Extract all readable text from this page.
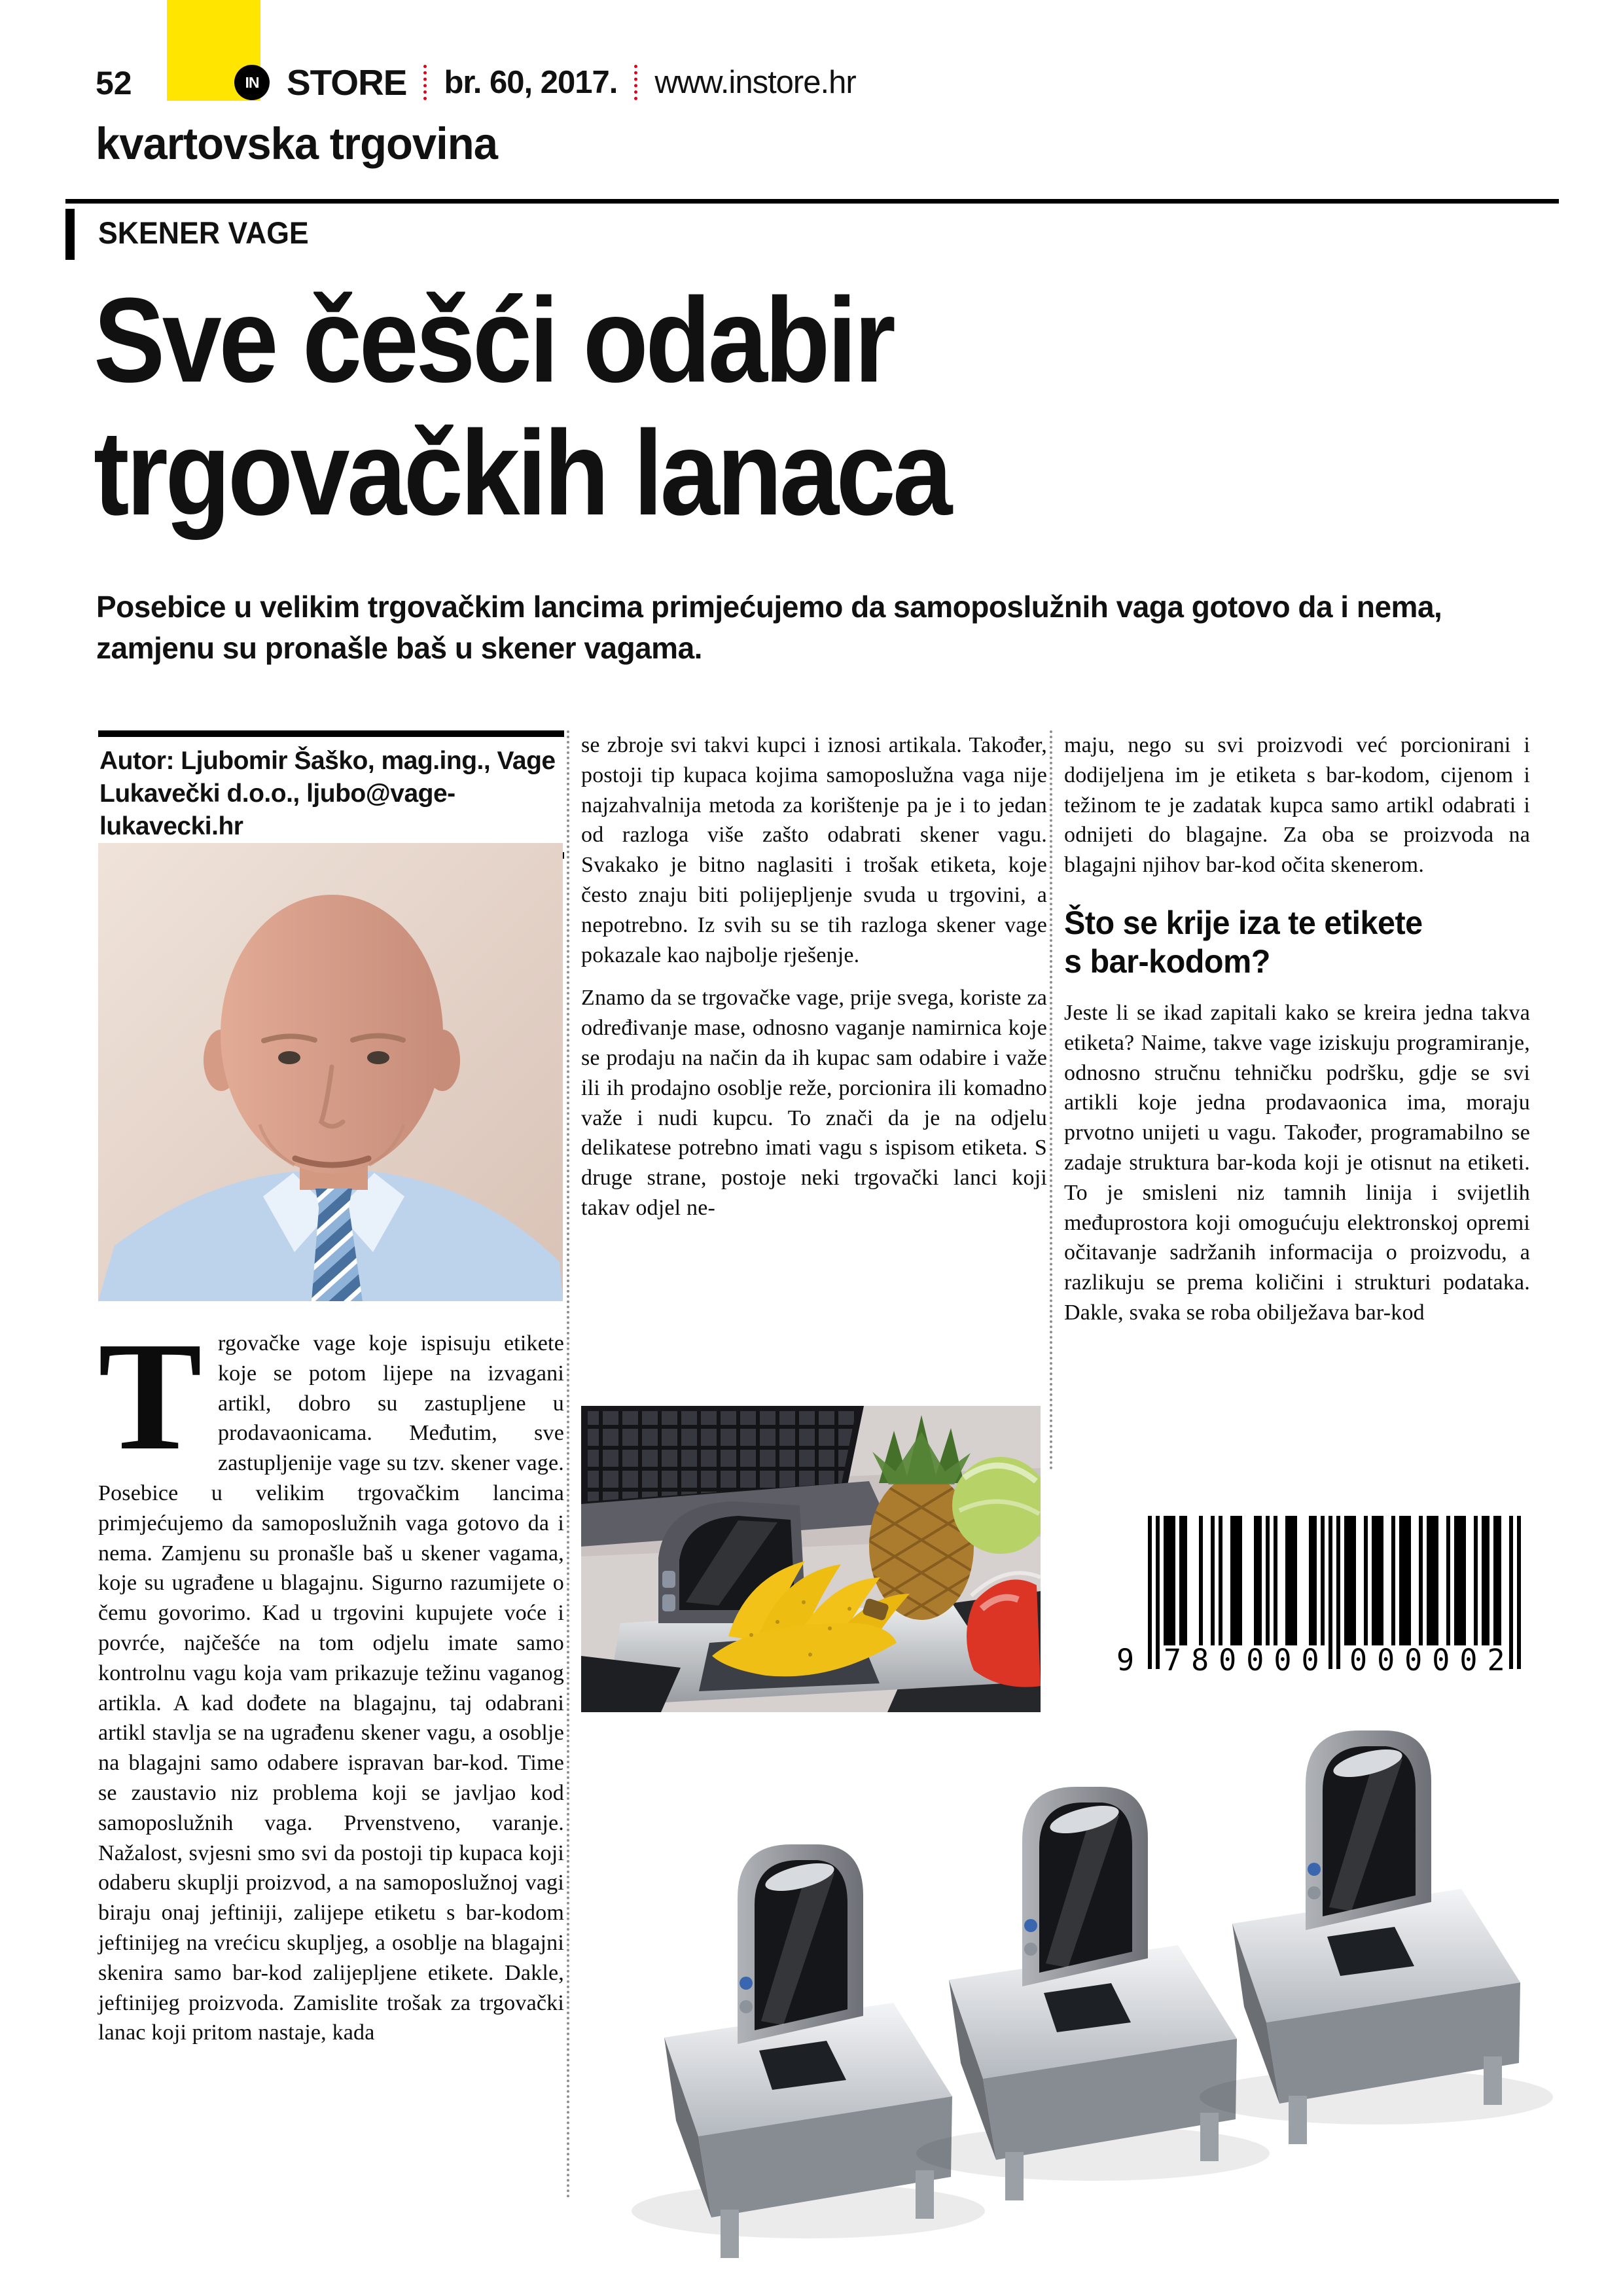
52	IN STORE br. 60, 2017. www.instore.hr
kvartovska trgovina
SKENER VAGE
Sve češći odabir
trgovačkih lanaca
Posebice u velikim trgovačkim lancima primjećujemo da samoposlužnih vaga gotovo da i nema, zamjenu su pronašle baš u skener vagama.
Autor: Ljubomir Šaško, mag.ing., Vage Lukavečki d.o.o., ljubo@vage-lukavecki.hr

Trgovačke vage koje ispisuju etikete koje se potom lijepe na izvagani artikl, dobro su zastupljene u prodavaonicama. Međutim, sve zastupljenije vage su tzv. skener vage. Posebice u velikim trgovačkim lancima primjećujemo da samoposlužnih vaga gotovo da i nema. Zamjenu su pronašle baš u skener vagama, koje su ugrađene u blagajnu. Sigurno razumijete o čemu govorimo. Kad u trgovini kupujete voće i povrće, najčešće na tom odjelu imate samo kontrolnu vagu koja vam prikazuje težinu vaganog artikla. A kad dođete na blagajnu, taj odabrani artikl stavlja se na ugrađenu skener vagu, a osoblje na blagajni samo odabere ispravan bar-kod. Time se zaustavio niz problema koji se javljao kod samoposlužnih vaga. Prvenstveno, varanje. Nažalost, svjesni smo svi da postoji tip kupaca koji odaberu skuplji proizvod, a na samoposlužnoj vagi biraju onaj jeftiniji, zalijepe etiketu s bar-kodom jeftinijeg na vrećicu skupljeg, a osoblje na blagajni skenira samo bar-kod zalijepljene etikete. Dakle, jeftinijeg proizvoda. Zamislite trošak za trgovački lanac koji pritom nastaje, kada

se zbroje svi takvi kupci i iznosi artikala. Također, postoji tip kupaca kojima samoposlužna vaga nije najzahvalnija metoda za korištenje pa je i to jedan od razloga više zašto odabrati skener vagu. Svakako je bitno naglasiti i trošak etiketa, koje često znaju biti polijepljenje svuda u trgovini, a nepotrebno. Iz svih su se tih razloga skener vage pokazale kao najbolje rješenje.

Znamo da se trgovačke vage, prije svega, koriste za određivanje mase, odnosno vaganje namirnica koje se prodaju na način da ih kupac sam odabire i važe ili ih prodajno osoblje reže, porcionira ili komadno važe i nudi kupcu. To znači da je na odjelu delikatese potrebno imati vagu s ispisom etiketa. S druge strane, postoje neki trgovački lanci koji takav odjel ne-

maju, nego su svi proizvodi već porcionirani i dodijeljena im je etiketa s bar-kodom, cijenom i težinom te je zadatak kupca samo artikl odabrati i odnijeti do blagajne. Za oba se proizvoda na blagajni njihov bar-kod očita skenerom.

Što se krije iza te etikete
s bar-kodom?

Jeste li se ikad zapitali kako se kreira jedna takva etiketa? Naime, takve vage iziskuju programiranje, odnosno stručnu tehničku podršku, gdje se svi artikli koje jedna prodavaonica ima, moraju prvotno unijeti u vagu. Također, programabilno se zadaje struktura bar-koda koji je otisnut na etiketi. To je smisleni niz tamnih linija i svijetlih međuprostora koji omogućuju elektronskoj opremi očitavanje sadržanih informacija o proizvodu, a razlikuju se prema količini i strukturi podataka. Dakle, svaka se roba obilježava bar-kod

9 780000 000002
